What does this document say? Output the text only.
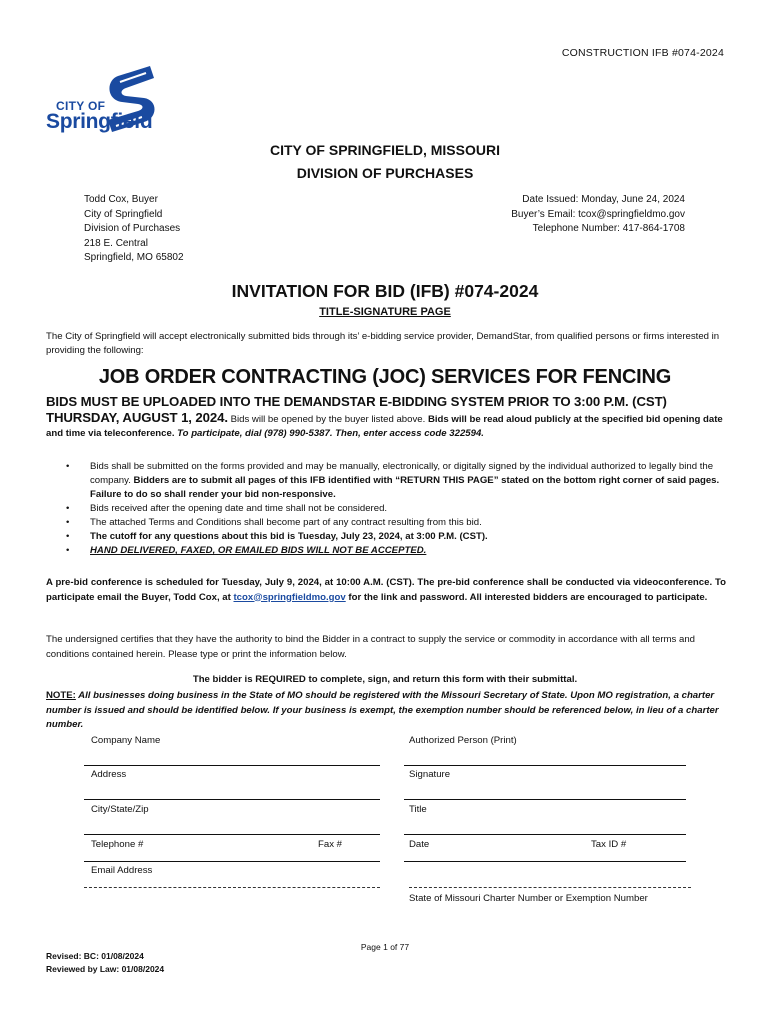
CONSTRUCTION IFB #074-2024
CITY OF
Springfield
CITY OF SPRINGFIELD, MISSOURI
DIVISION OF PURCHASES
Todd Cox, Buyer
City of Springfield
Division of Purchases
218 E. Central
Springfield, MO 65802
Date Issued: Monday, June 24, 2024
Buyer’s Email: tcox@springfieldmo.gov
Telephone Number: 417-864-1708
INVITATION FOR BID (IFB) #074-2024
TITLE-SIGNATURE PAGE
The City of Springfield will accept electronically submitted bids through its’ e-bidding service provider, DemandStar, from qualified persons or firms interested in providing the following:
JOB ORDER CONTRACTING (JOC) SERVICES FOR FENCING
BIDS MUST BE UPLOADED INTO THE DEMANDSTAR E-BIDDING SYSTEM PRIOR TO 3:00 P.M. (CST) THURSDAY, AUGUST 1, 2024. Bids will be opened by the buyer listed above. Bids will be read aloud publicly at the specified bid opening date and time via teleconference. To participate, dial (978) 990-5387. Then, enter access code 322594.
• Bids shall be submitted on the forms provided and may be manually, electronically, or digitally signed by the individual authorized to legally bind the company. Bidders are to submit all pages of this IFB identified with “RETURN THIS PAGE” stated on the bottom right corner of said pages. Failure to do so shall render your bid non-responsive.
• Bids received after the opening date and time shall not be considered.
• The attached Terms and Conditions shall become part of any contract resulting from this bid.
• The cutoff for any questions about this bid is Tuesday, July 23, 2024, at 3:00 P.M. (CST).
• HAND DELIVERED, FAXED, OR EMAILED BIDS WILL NOT BE ACCEPTED.
A pre-bid conference is scheduled for Tuesday, July 9, 2024, at 10:00 A.M. (CST). The pre-bid conference shall be conducted via videoconference. To participate email the Buyer, Todd Cox, at tcox@springfieldmo.gov for the link and password. All interested bidders are encouraged to participate.
The undersigned certifies that they have the authority to bind the Bidder in a contract to supply the service or commodity in accordance with all terms and conditions contained herein. Please type or print the information below.
The bidder is REQUIRED to complete, sign, and return this form with their submittal.
NOTE: All businesses doing business in the State of MO should be registered with the Missouri Secretary of State. Upon MO registration, a charter number is issued and should be identified below. If your business is exempt, the exemption number should be referenced below, in lieu of a charter number.
Company Name	Authorized Person (Print)
Address	Signature
City/State/Zip	Title
Telephone #	Fax #	Date	Tax ID #
Email Address
State of Missouri Charter Number or Exemption Number
Page 1 of 77
Revised: BC: 01/08/2024
Reviewed by Law: 01/08/2024
